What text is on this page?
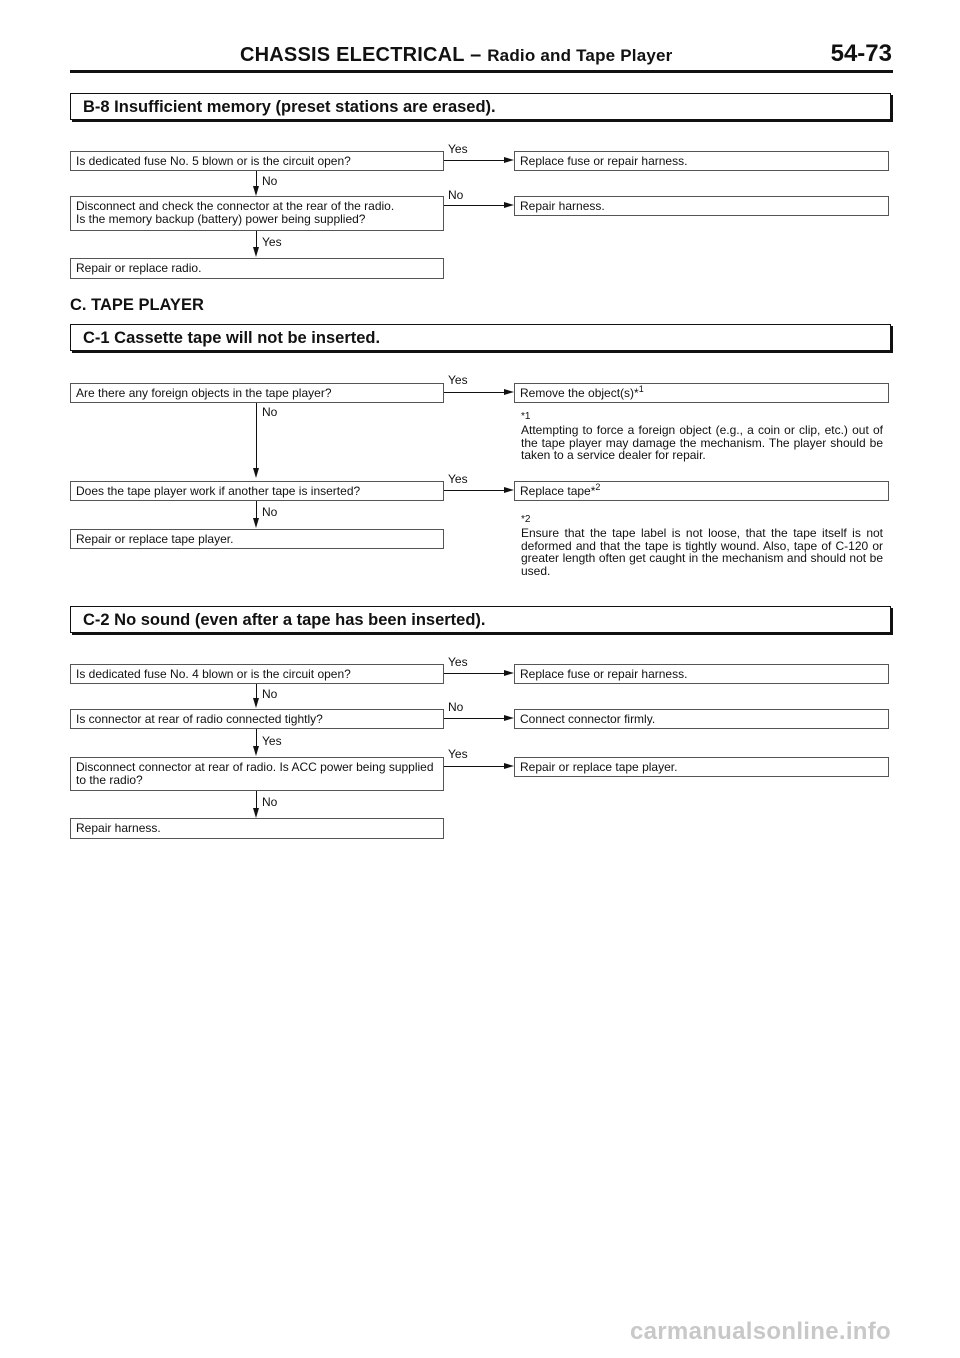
CHASSIS ELECTRICAL – Radio and Tape Player	54-73
B-8 Insufficient memory (preset stations are erased).
Yes
Is dedicated fuse No. 5 blown or is the circuit open?	Replace fuse or repair harness.
No
No
Disconnect and check the connector at the rear of the radio.
Is the memory backup (battery) power being supplied?
Repair harness.
Yes
Repair or replace radio.
C. TAPE PLAYER
C-1 Cassette tape will not be inserted.
Yes
Are there any foreign objects in the tape player?	Remove the object(s)*$^1$
No	*1
Attempting to force a foreign object (e.g., a coin or clip, etc.) out of the tape player may damage the mechanism. The player should be taken to a service dealer for repair.
Yes
Does the tape player work if another tape is inserted?	Replace tape*$^2$
No
Repair or replace tape player.
*2
Ensure that the tape label is not loose, that the tape itself is not deformed and that the tape is tightly wound. Also, tape of C-120 or greater length often get caught in the mechanism and should not be used.
C-2 No sound (even after a tape has been inserted).
Yes
Is dedicated fuse No. 4 blown or is the circuit open?	Replace fuse or repair harness.
No
No
Is connector at rear of radio connected tightly?	Connect connector firmly.
Yes
Yes
Disconnect connector at rear of radio. Is ACC power being supplied
to the radio?
Repair or replace tape player.
No
Repair harness.
carmanualsonline.info
